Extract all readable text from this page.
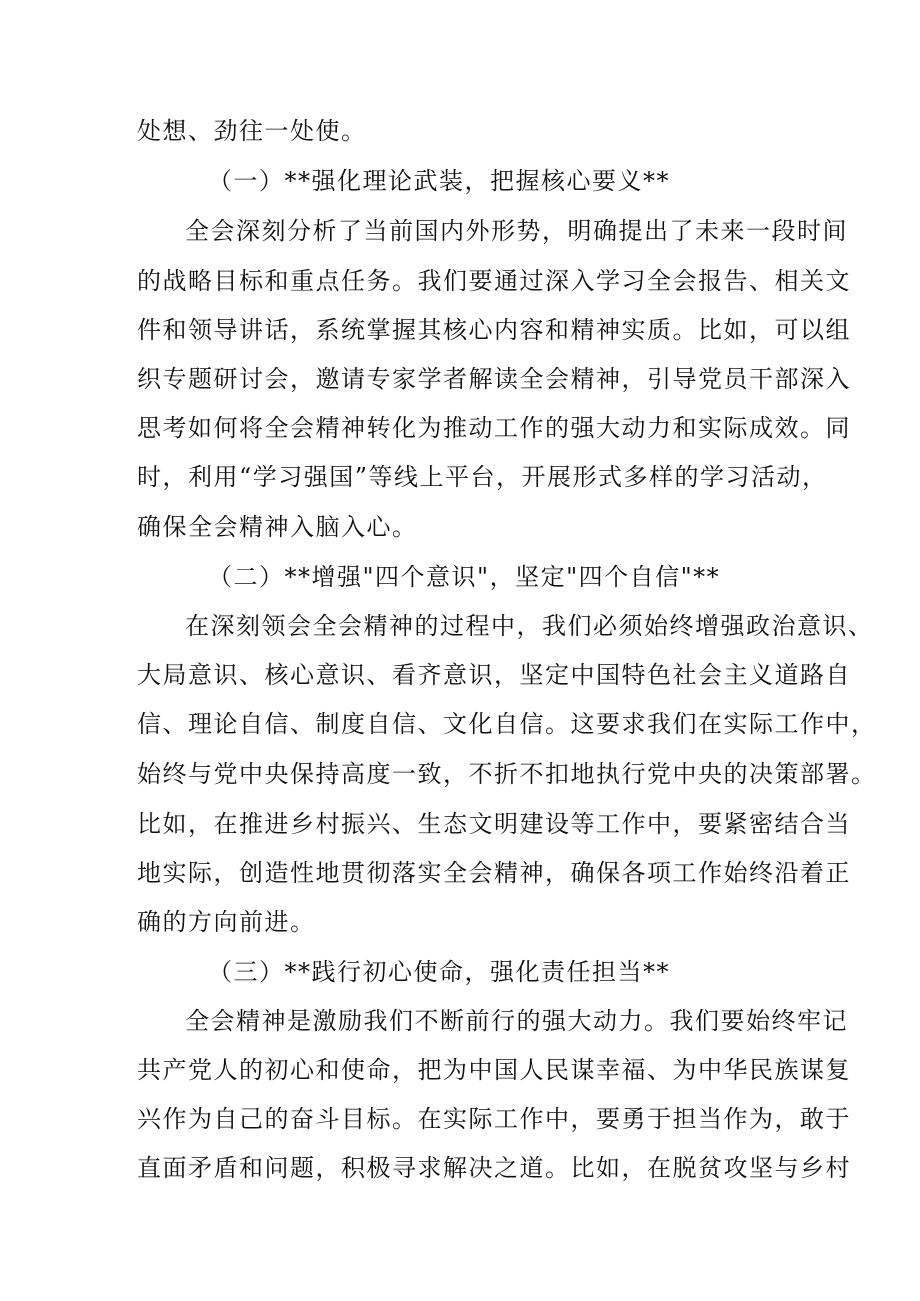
处想、劲往一处使。
（一）**强化理论武装，把握核心要义**
全会深刻分析了当前国内外形势，明确提出了未来一段时间
的战略目标和重点任务。我们要通过深入学习全会报告、相关文
件和领导讲话，系统掌握其核心内容和精神实质。比如，可以组
织专题研讨会，邀请专家学者解读全会精神，引导党员干部深入
思考如何将全会精神转化为推动工作的强大动力和实际成效。同
时，利用“学习强国”等线上平台，开展形式多样的学习活动，
确保全会精神入脑入心。
（二）**增强"四个意识"，坚定"四个自信"**
在深刻领会全会精神的过程中，我们必须始终增强政治意识、
大局意识、核心意识、看齐意识，坚定中国特色社会主义道路自
信、理论自信、制度自信、文化自信。这要求我们在实际工作中，
始终与党中央保持高度一致，不折不扣地执行党中央的决策部署。
比如，在推进乡村振兴、生态文明建设等工作中，要紧密结合当
地实际，创造性地贯彻落实全会精神，确保各项工作始终沿着正
确的方向前进。
（三）**践行初心使命，强化责任担当**
全会精神是激励我们不断前行的强大动力。我们要始终牢记
共产党人的初心和使命，把为中国人民谋幸福、为中华民族谋复
兴作为自己的奋斗目标。在实际工作中，要勇于担当作为，敢于
直面矛盾和问题，积极寻求解决之道。比如，在脱贫攻坚与乡村
